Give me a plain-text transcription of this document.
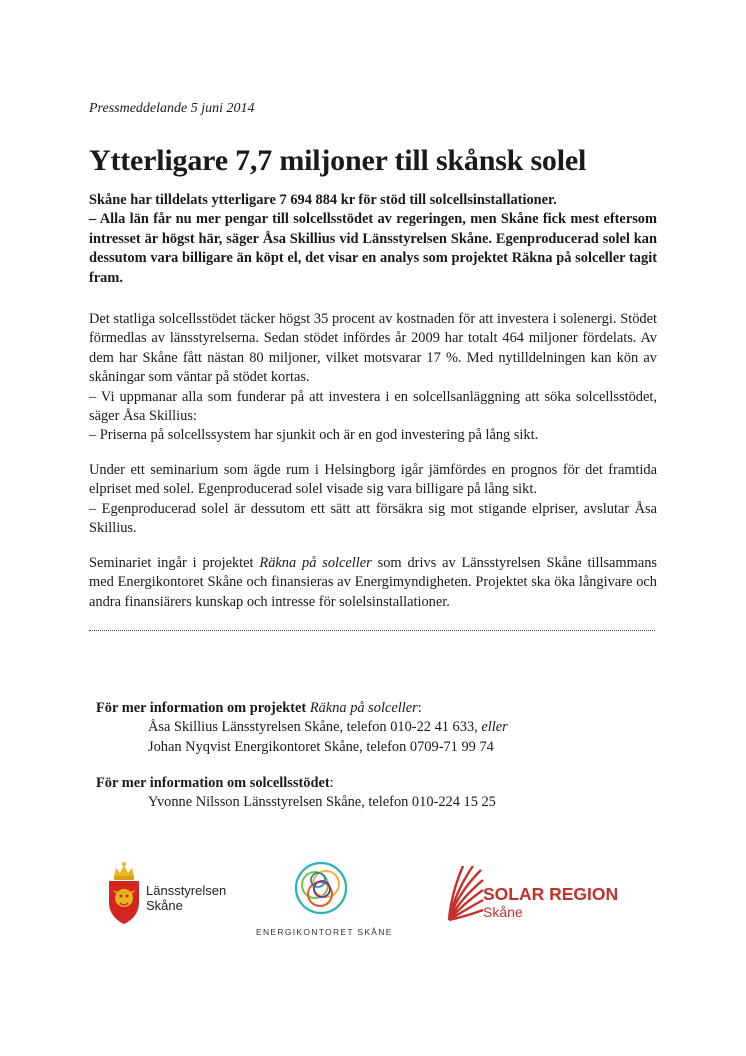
Pressmeddelande 5 juni 2014
Ytterligare 7,7 miljoner till skånsk solel

Skåne har tilldelats ytterligare 7 694 884 kr för stöd till solcellsinstallationer.

– Alla län får nu mer pengar till solcellsstödet av regeringen, men Skåne fick mest eftersom intresset är högst här, säger Åsa Skillius vid Länsstyrelsen Skåne. Egenproducerad solel kan dessutom vara billigare än köpt el, det visar en analys som projektet Räkna på solceller tagit fram.

Det statliga solcellsstödet täcker högst 35 procent av kostnaden för att investera i solenergi. Stödet förmedlas av länsstyrelserna. Sedan stödet infördes år 2009 har totalt 464 miljoner fördelats. Av dem har Skåne fått nästan 80 miljoner, vilket motsvarar 17 %. Med nytilldelningen kan kön av skåningar som väntar på stödet kortas.

– Vi uppmanar alla som funderar på att investera i en solcellsanläggning att söka solcellsstödet, säger Åsa Skillius:

– Priserna på solcellssystem har sjunkit och är en god investering på lång sikt.

Under ett seminarium som ägde rum i Helsingborg igår jämfördes en prognos för det framtida elpriset med solel. Egenproducerad solel visade sig vara billigare på lång sikt.

– Egenproducerad solel är dessutom ett sätt att försäkra sig mot stigande elpriser, avslutar Åsa Skillius.

Seminariet ingår i projektet Räkna på solceller som drivs av Länsstyrelsen Skåne tillsammans med Energikontoret Skåne och finansieras av Energimyndigheten. Projektet ska öka långivare och andra finansiärers kunskap och intresse för solelsinstallationer.

För mer information om projektet Räkna på solceller:
Åsa Skillius Länsstyrelsen Skåne, telefon 010-22 41 633, eller
Johan Nyqvist Energikontoret Skåne, telefon 0709-71 99 74
För mer information om solcellsstödet:
Yvonne Nilsson Länsstyrelsen Skåne, telefon 010-224 15 25
Länsstyrelsen
Skåne
ENERGIKONTORET SKÅNE
SOLAR REGION
Skåne
